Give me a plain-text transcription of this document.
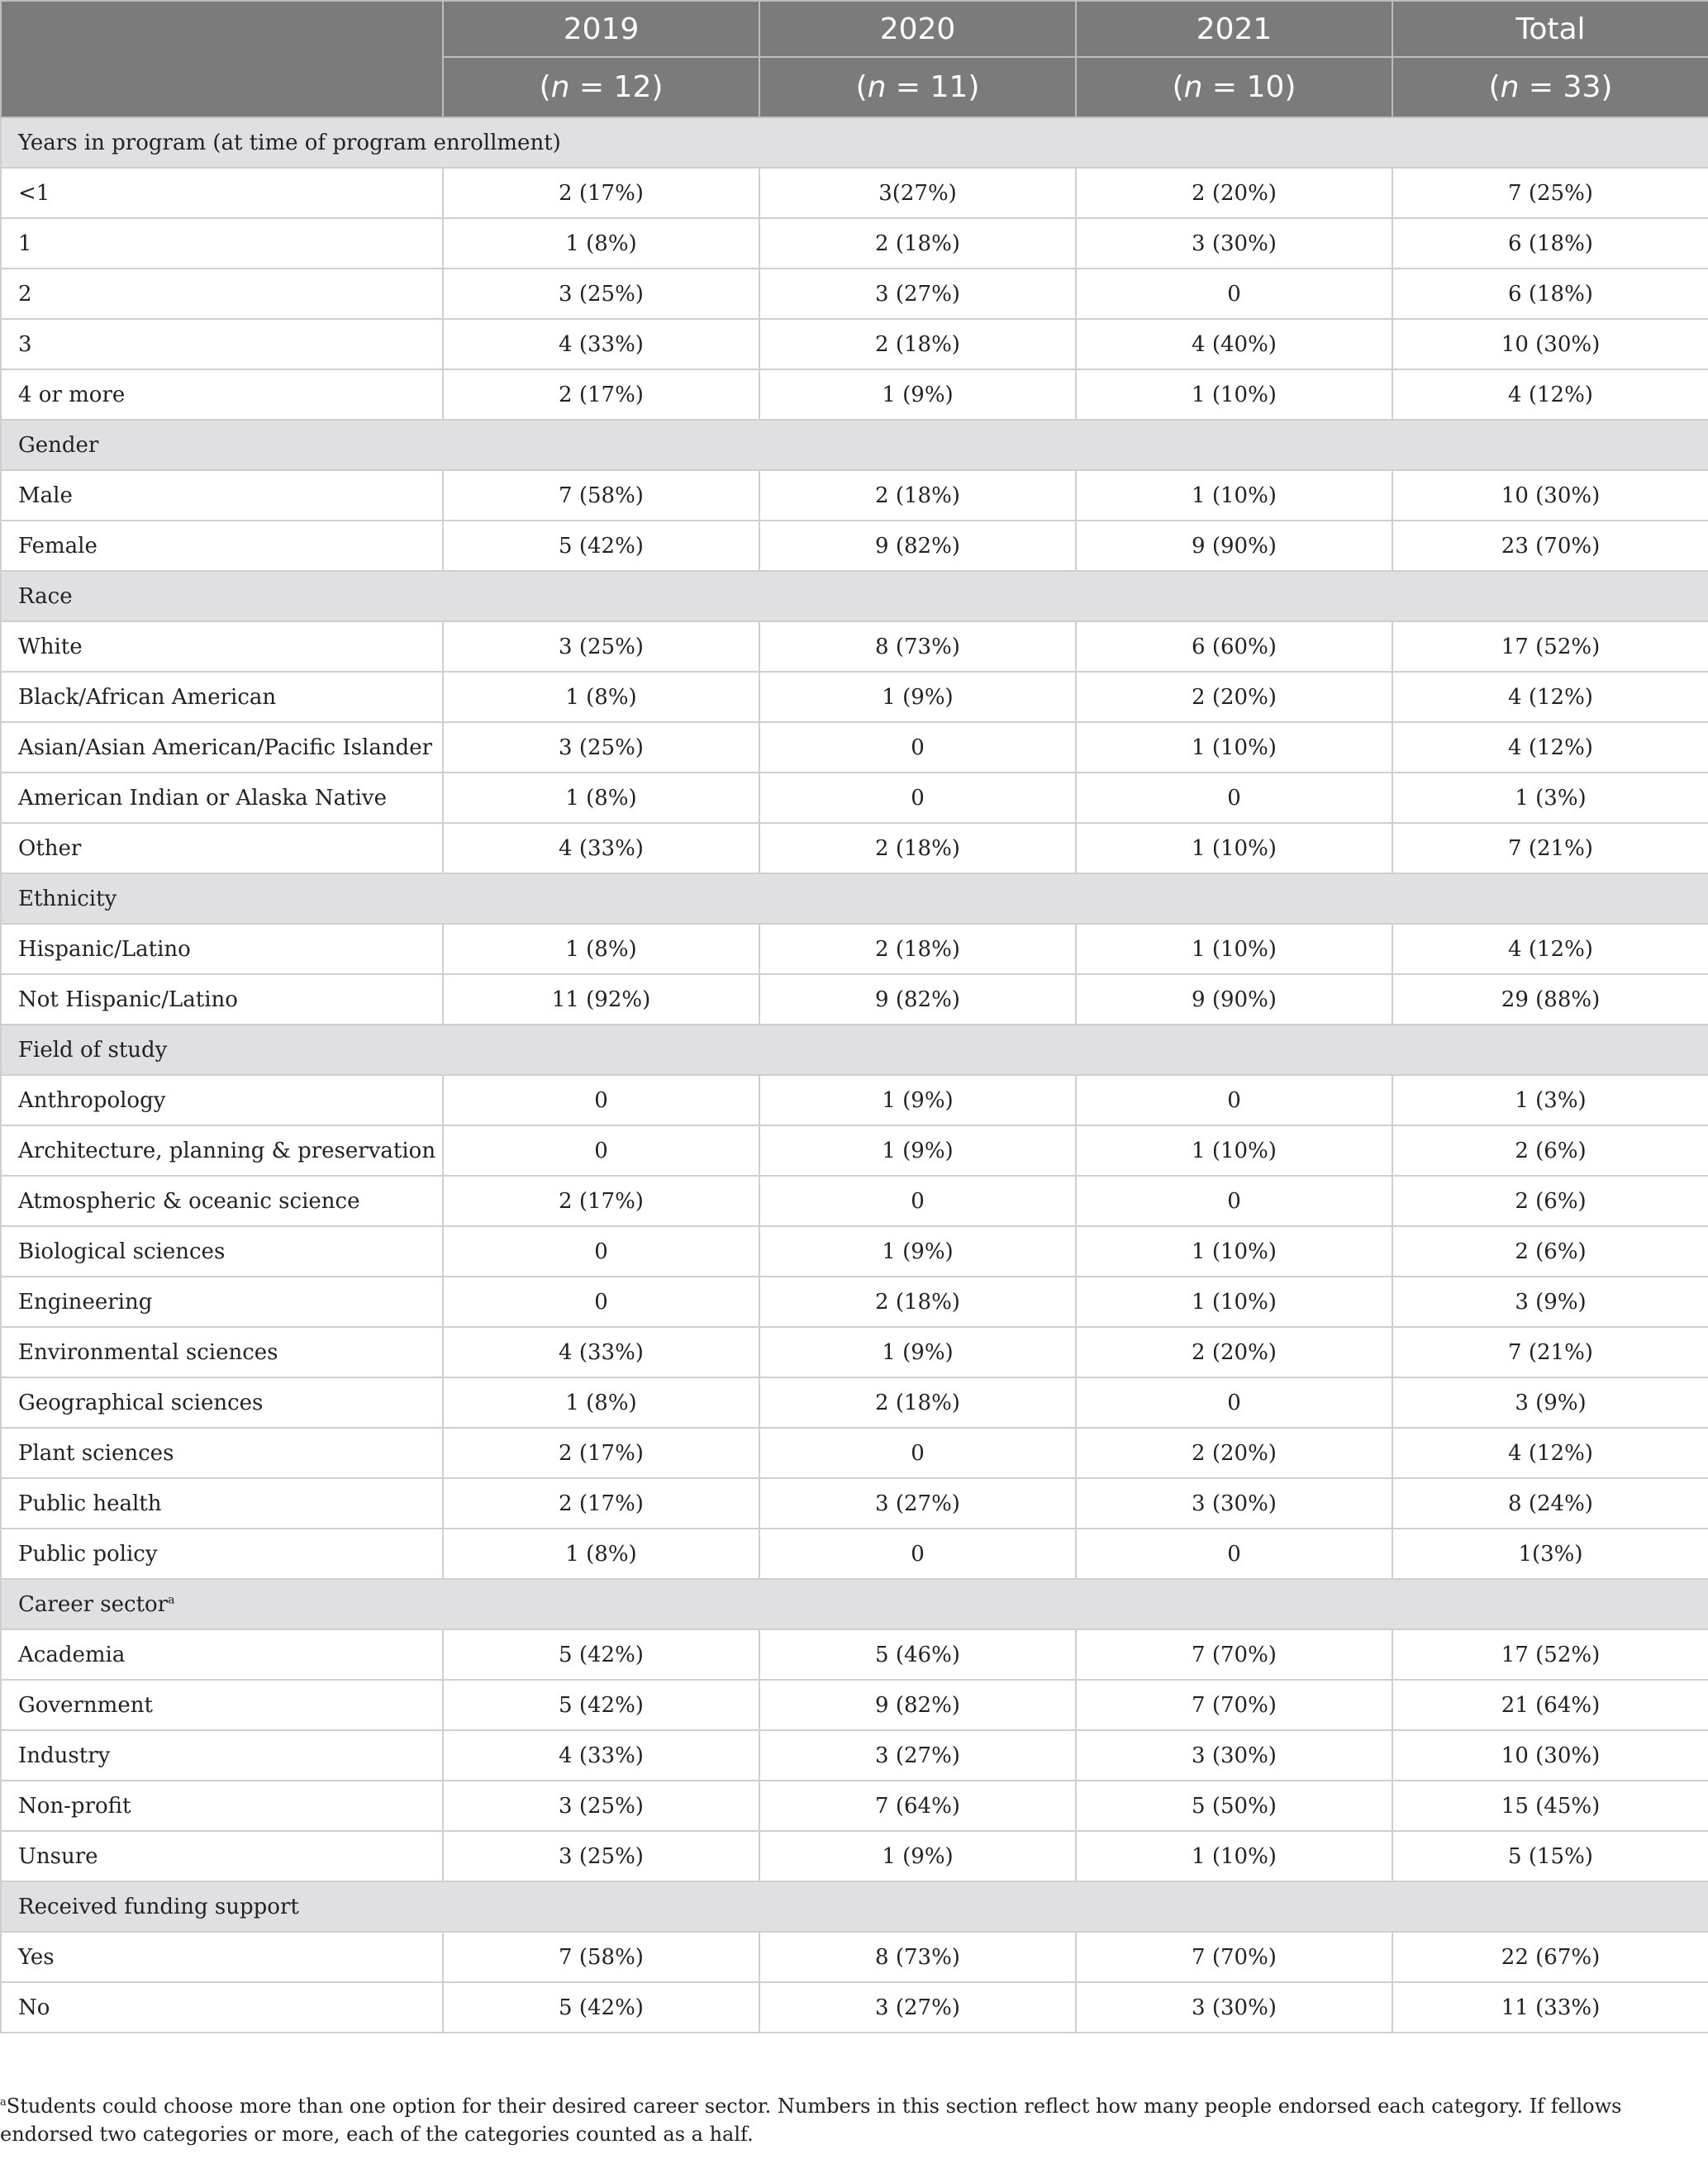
	2019	2020	2021	Total
	(n = 12)	(n = 11)	(n = 10)	(n = 33)
Years in program (at time of program enrollment)				
<1	2 (17%)	3(27%)	2 (20%)	7 (25%)
1	1 (8%)	2 (18%)	3 (30%)	6 (18%)
2	3 (25%)	3 (27%)	0	6 (18%)
3	4 (33%)	2 (18%)	4 (40%)	10 (30%)
4 or more	2 (17%)	1 (9%)	1 (10%)	4 (12%)
Gender				
Male	7 (58%)	2 (18%)	1 (10%)	10 (30%)
Female	5 (42%)	9 (82%)	9 (90%)	23 (70%)
Race				
White	3 (25%)	8 (73%)	6 (60%)	17 (52%)
Black/African American	1 (8%)	1 (9%)	2 (20%)	4 (12%)
Asian/Asian American/Pacific Islander	3 (25%)	0	1 (10%)	4 (12%)
American Indian or Alaska Native	1 (8%)	0	0	1 (3%)
Other	4 (33%)	2 (18%)	1 (10%)	7 (21%)
Ethnicity				
Hispanic/Latino	1 (8%)	2 (18%)	1 (10%)	4 (12%)
Not Hispanic/Latino	11 (92%)	9 (82%)	9 (90%)	29 (88%)
Field of study				
Anthropology	0	1 (9%)	0	1 (3%)
Architecture, planning & preservation	0	1 (9%)	1 (10%)	2 (6%)
Atmospheric & oceanic science	2 (17%)	0	0	2 (6%)
Biological sciences	0	1 (9%)	1 (10%)	2 (6%)
Engineering	0	2 (18%)	1 (10%)	3 (9%)
Environmental sciences	4 (33%)	1 (9%)	2 (20%)	7 (21%)
Geographical sciences	1 (8%)	2 (18%)	0	3 (9%)
Plant sciences	2 (17%)	0	2 (20%)	4 (12%)
Public health	2 (17%)	3 (27%)	3 (30%)	8 (24%)
Public policy	1 (8%)	0	0	1(3%)
Career sector$^a$
Academia	5 (42%)	5 (46%)	7 (70%)	17 (52%)
Government	5 (42%)	9 (82%)	7 (70%)	21 (64%)
Industry	4 (33%)	3 (27%)	3 (30%)	10 (30%)
Non-profit	3 (25%)	7 (64%)	5 (50%)	15 (45%)
Unsure	3 (25%)	1 (9%)	1 (10%)	5 (15%)
Received funding support				
Yes	7 (58%)	8 (73%)	7 (70%)	22 (67%)
No	5 (42%)	3 (27%)	3 (30%)	11 (33%)
$^a$Students could choose more than one option for their desired career sector. Numbers in this section reflect how many people endorsed each category. If fellows endorsed two categories or more, each of the categories counted as a half.
